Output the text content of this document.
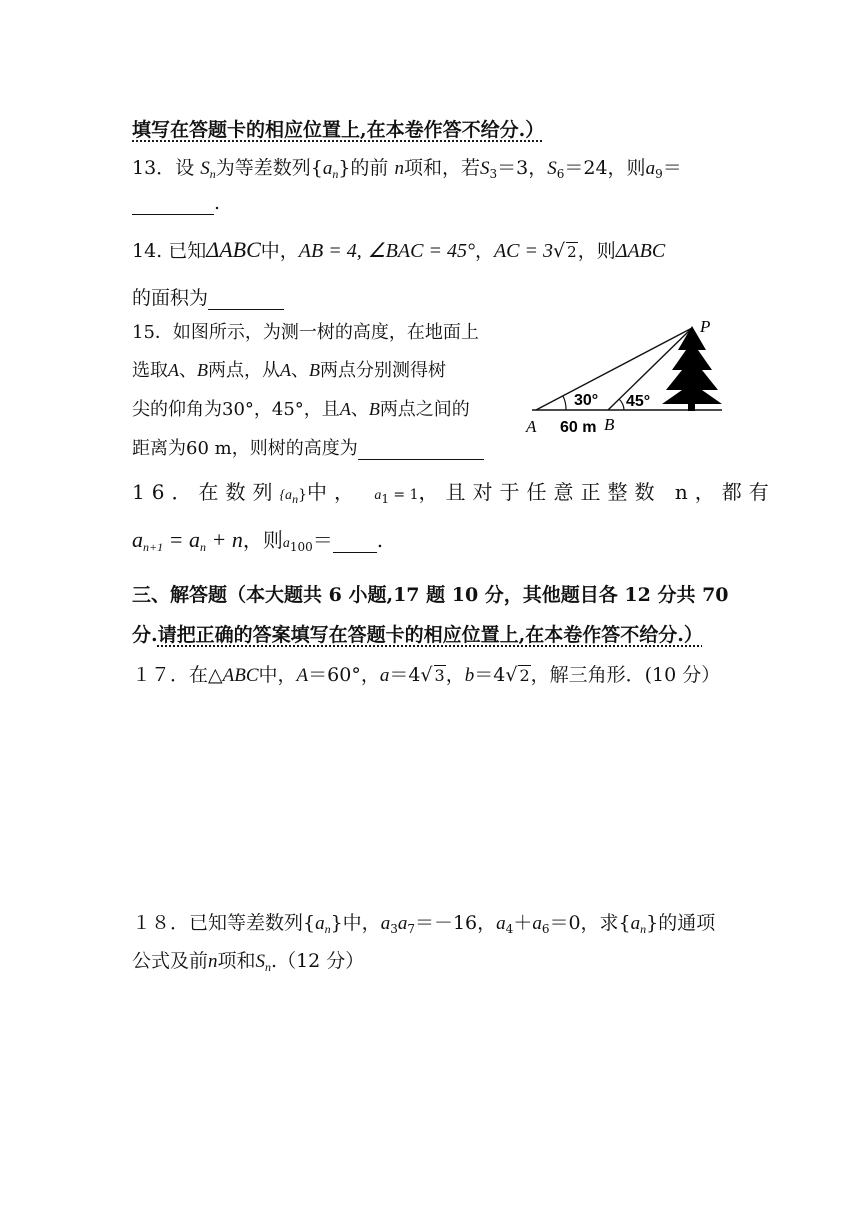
填写在答题卡的相应位置上,在本卷作答不给分.）
13．设 $S_n$为等差数列$\{a_n\}$的前 n项和，若$S_3=3$，$S_6=24$，则$a_9=$
.
14. 已知ΔABC中，AB = 4, ∠BAC = 45°，AC = 3√ 2，则ΔABC
的面积为
15．如图所示，为测一树的高度，在地面上
选取A、B两点，从A、B两点分别测得树
尖的仰角为30°，45°，且A、B两点之间的
距离为60 m，则树的高度为
P
A	B
30° 45°
60 m
16．在数列$\{a_n\}$中， $a_1 = 1$，且对于任意正整数 n，都有
$a_{n+1} = a_n + n$，则$a_{100}=$ .
三、解答题（本大题共 6 小题,17 题 10 分，其他题目各 12 分共 70
分.请把正确的答案填写在答题卡的相应位置上,在本卷作答不给分.）
１７．在△ABC中，A＝60°，a＝4√ 3，b＝4√ 2，解三角形．(10 分）
１８．已知等差数列$\{a_n\}$中，$a_3a_7=-16$，$a_4+a_6=0$，求$\{a_n\}$的通项
公式及前n项和$S_n.(12$ 分）
